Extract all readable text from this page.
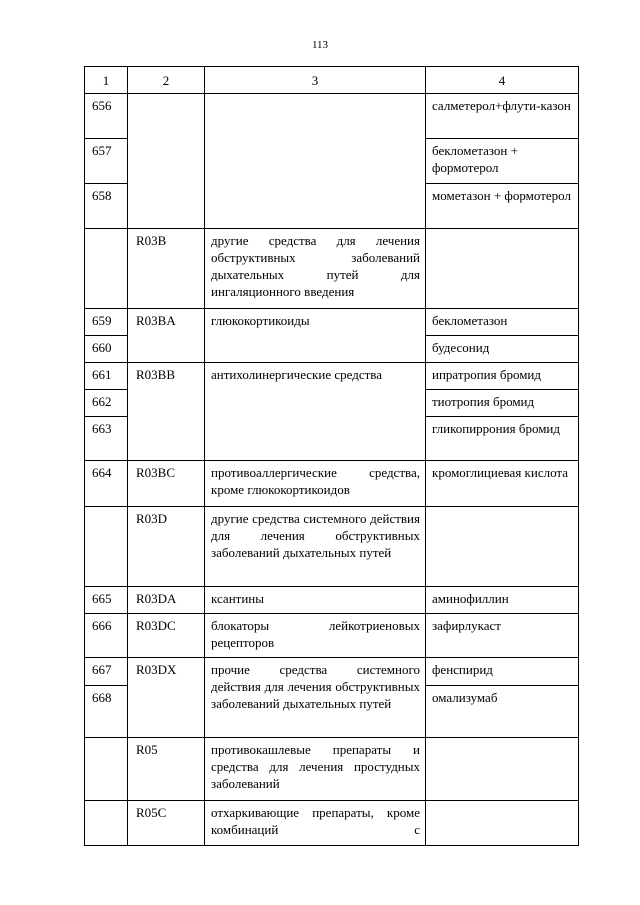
113
1	2	3	4
656			салметерол+флути-казон
657			беклометазон + формотерол
658			мометазон + формотерол
	R03B	другие средства для лечения обструктивных заболеваний дыхательных путей для ингаляционного введения	
659	R03BA	глюкокортикоиды	беклометазон
660			будесонид
661	R03BB	антихолинергические средства	ипратропия бромид
662			тиотропия бромид
663			гликопиррония бромид
664	R03BC	противоаллергические средства, кроме глюкокортикоидов	кромоглициевая кислота
	R03D	другие средства системного действия для лечения обструктивных заболеваний дыхательных путей	
665	R03DA	ксантины	аминофиллин
666	R03DC	блокаторы лейкотриеновых рецепторов	зафирлукаст
667	R03DX	прочие средства системного действия для лечения обструктивных заболеваний дыхательных путей	фенспирид
668			омализумаб
	R05	противокашлевые препараты и средства для лечения простудных заболеваний	
	R05C	отхаркивающие препараты, кроме комбинаций с	
